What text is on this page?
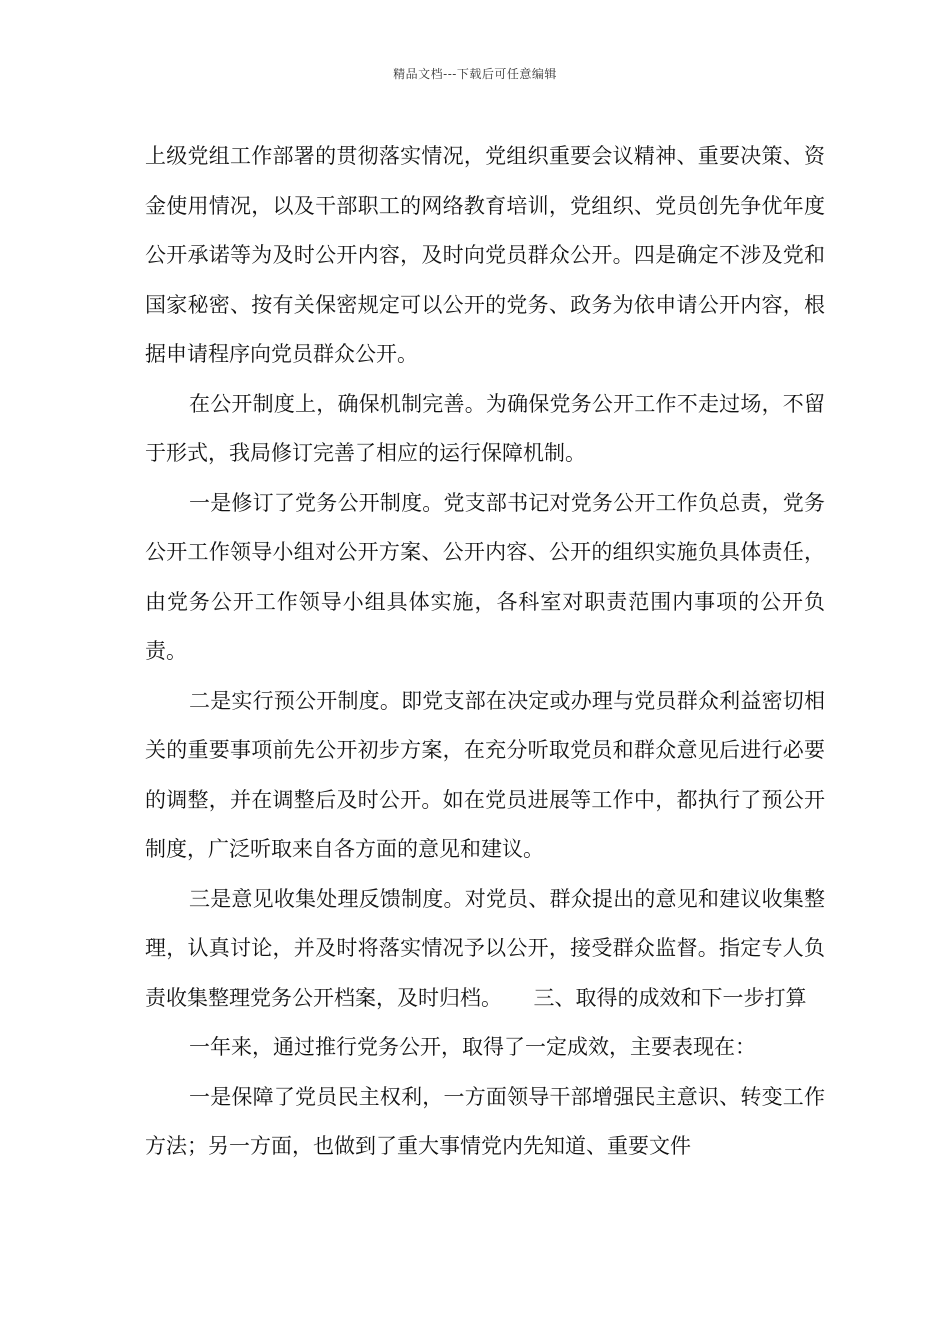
精品文档---下载后可任意编辑

上级党组工作部署的贯彻落实情况，党组织重要会议精神、重要决策、资金使用情况，以及干部职工的网络教育培训，党组织、党员创先争优年度公开承诺等为及时公开内容，及时向党员群众公开。四是确定不涉及党和国家秘密、按有关保密规定可以公开的党务、政务为依申请公开内容，根据申请程序向党员群众公开。

在公开制度上，确保机制完善。为确保党务公开工作不走过场，不留于形式，我局修订完善了相应的运行保障机制。

一是修订了党务公开制度。党支部书记对党务公开工作负总责，党务公开工作领导小组对公开方案、公开内容、公开的组织实施负具体责任，由党务公开工作领导小组具体实施，各科室对职责范围内事项的公开负责。

二是实行预公开制度。即党支部在决定或办理与党员群众利益密切相关的重要事项前先公开初步方案，在充分听取党员和群众意见后进行必要的调整，并在调整后及时公开。如在党员进展等工作中，都执行了预公开制度，广泛听取来自各方面的意见和建议。

三是意见收集处理反馈制度。对党员、群众提出的意见和建议收集整理，认真讨论，并及时将落实情况予以公开，接受群众监督。指定专人负责收集整理党务公开档案，及时归档。　　三、取得的成效和下一步打算

一年来，通过推行党务公开，取得了一定成效，主要表现在：

一是保障了党员民主权利，一方面领导干部增强民主意识、转变工作方法；另一方面，也做到了重大事情党内先知道、重要文件
